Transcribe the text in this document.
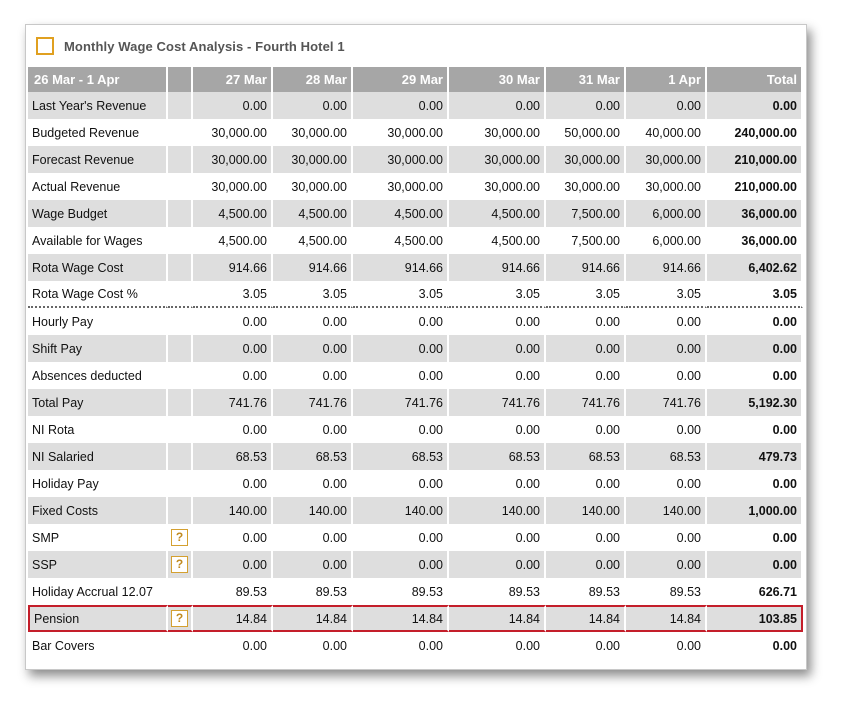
Monthly Wage Cost Analysis - Fourth Hotel 1
26 Mar - 1 Apr		27 Mar	28 Mar	29 Mar	30 Mar	31 Mar	1 Apr	Total
Last Year's Revenue		0.00	0.00	0.00	0.00	0.00	0.00	0.00
Budgeted Revenue		30,000.00	30,000.00	30,000.00	30,000.00	50,000.00	40,000.00	240,000.00
Forecast Revenue		30,000.00	30,000.00	30,000.00	30,000.00	30,000.00	30,000.00	210,000.00
Actual Revenue		30,000.00	30,000.00	30,000.00	30,000.00	30,000.00	30,000.00	210,000.00
Wage Budget		4,500.00	4,500.00	4,500.00	4,500.00	7,500.00	6,000.00	36,000.00
Available for Wages		4,500.00	4,500.00	4,500.00	4,500.00	7,500.00	6,000.00	36,000.00
Rota Wage Cost		914.66	914.66	914.66	914.66	914.66	914.66	6,402.62
Rota Wage Cost %		3.05	3.05	3.05	3.05	3.05	3.05	3.05
Hourly Pay		0.00	0.00	0.00	0.00	0.00	0.00	0.00
Shift Pay		0.00	0.00	0.00	0.00	0.00	0.00	0.00
Absences deducted		0.00	0.00	0.00	0.00	0.00	0.00	0.00
Total Pay		741.76	741.76	741.76	741.76	741.76	741.76	5,192.30
NI Rota		0.00	0.00	0.00	0.00	0.00	0.00	0.00
NI Salaried		68.53	68.53	68.53	68.53	68.53	68.53	479.73
Holiday Pay		0.00	0.00	0.00	0.00	0.00	0.00	0.00
Fixed Costs		140.00	140.00	140.00	140.00	140.00	140.00	1,000.00
SMP	?	0.00	0.00	0.00	0.00	0.00	0.00	0.00
SSP	?	0.00	0.00	0.00	0.00	0.00	0.00	0.00
Holiday Accrual 12.07		89.53	89.53	89.53	89.53	89.53	89.53	626.71
Pension	?	14.84	14.84	14.84	14.84	14.84	14.84	103.85
Bar Covers		0.00	0.00	0.00	0.00	0.00	0.00	0.00
